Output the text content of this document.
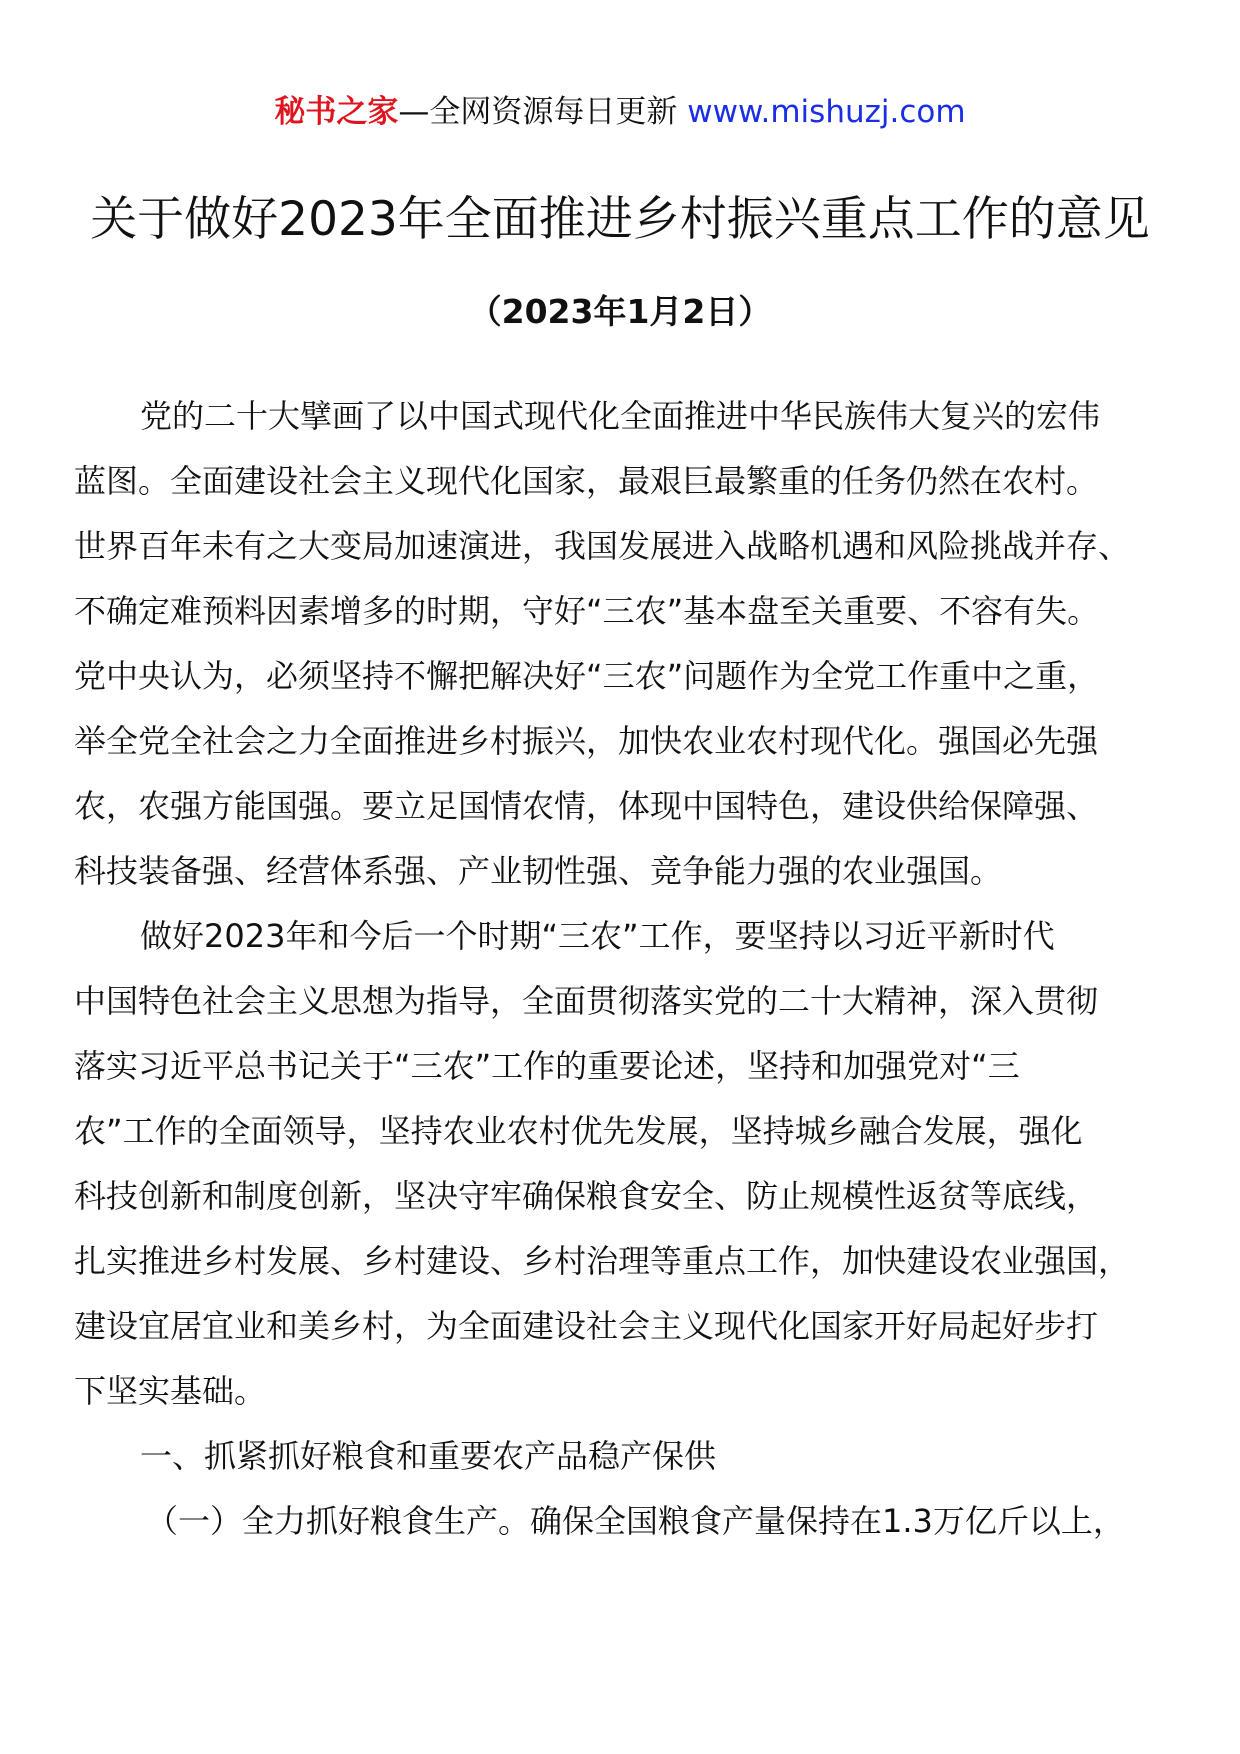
秘书之家—全网资源每日更新 www.mishuzj.com
关于做好2023年全面推进乡村振兴重点工作的意见
（2023年1月2日）
党的二十大擘画了以中国式现代化全面推进中华民族伟大复兴的宏伟
蓝图。全面建设社会主义现代化国家，最艰巨最繁重的任务仍然在农村。
世界百年未有之大变局加速演进，我国发展进入战略机遇和风险挑战并存、
不确定难预料因素增多的时期，守好“三农”基本盘至关重要、不容有失。
党中央认为，必须坚持不懈把解决好“三农”问题作为全党工作重中之重，
举全党全社会之力全面推进乡村振兴，加快农业农村现代化。强国必先强
农，农强方能国强。要立足国情农情，体现中国特色，建设供给保障强、
科技装备强、经营体系强、产业韧性强、竞争能力强的农业强国。
做好2023年和今后一个时期“三农”工作，要坚持以习近平新时代
中国特色社会主义思想为指导，全面贯彻落实党的二十大精神，深入贯彻
落实习近平总书记关于“三农”工作的重要论述，坚持和加强党对“三
农”工作的全面领导，坚持农业农村优先发展，坚持城乡融合发展，强化
科技创新和制度创新，坚决守牢确保粮食安全、防止规模性返贫等底线，
扎实推进乡村发展、乡村建设、乡村治理等重点工作，加快建设农业强国，
建设宜居宜业和美乡村，为全面建设社会主义现代化国家开好局起好步打
下坚实基础。
一、抓紧抓好粮食和重要农产品稳产保供
（一）全力抓好粮食生产。确保全国粮食产量保持在1.3万亿斤以上，
